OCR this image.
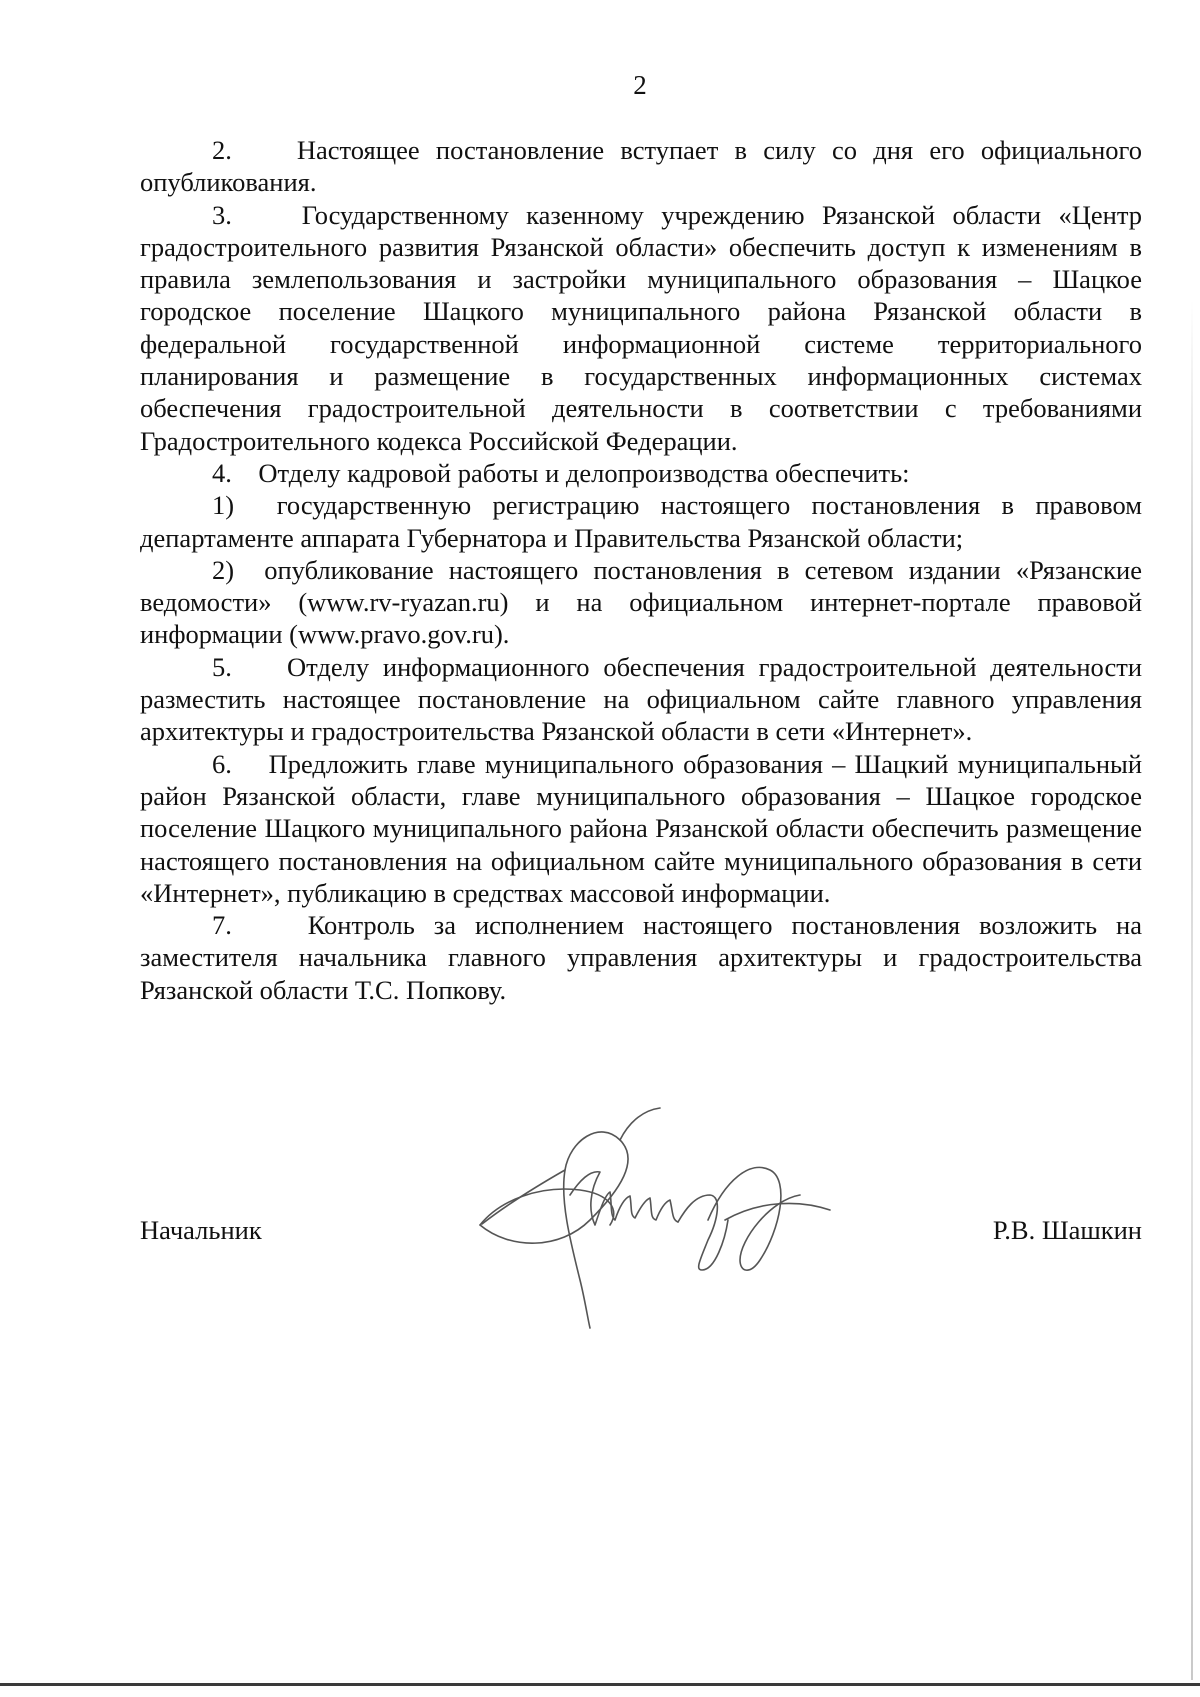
2

2.    Настоящее постановление вступает в силу со дня его официального опубликования.

3.    Государственному казенному учреждению Рязанской области «Центр градостроительного развития Рязанской области» обеспечить доступ к изменениям в правила землепользования и застройки муниципального образования – Шацкое городское поселение Шацкого муниципального района Рязанской области в федеральной государственной информационной системе территориального планирования и размещение в государственных информационных системах обеспечения градостроительной деятельности в соответствии с требованиями Градостроительного кодекса Российской Федерации.

4.    Отделу кадровой работы и делопроизводства обеспечить:

1)  государственную регистрацию настоящего постановления в правовом департаменте аппарата Губернатора и Правительства Рязанской области;

2)  опубликование настоящего постановления в сетевом издании «Рязанские ведомости» (www.rv-ryazan.ru) и на официальном интернет-портале правовой информации (www.pravo.gov.ru).

5.    Отделу информационного обеспечения градостроительной деятельности разместить настоящее постановление на официальном сайте главного управления архитектуры и градостроительства Рязанской области в сети «Интернет».

6.    Предложить главе муниципального образования – Шацкий муниципальный район Рязанской области, главе муниципального образования – Шацкое городское поселение Шацкого муниципального района Рязанской области обеспечить размещение настоящего постановления на официальном сайте муниципального образования в сети «Интернет», публикацию в средствах массовой информации.

7.    Контроль за исполнением настоящего постановления возложить на заместителя начальника главного управления архитектуры и градостроительства Рязанской области Т.С. Попкову.

Начальник	Р.В. Шашкин
